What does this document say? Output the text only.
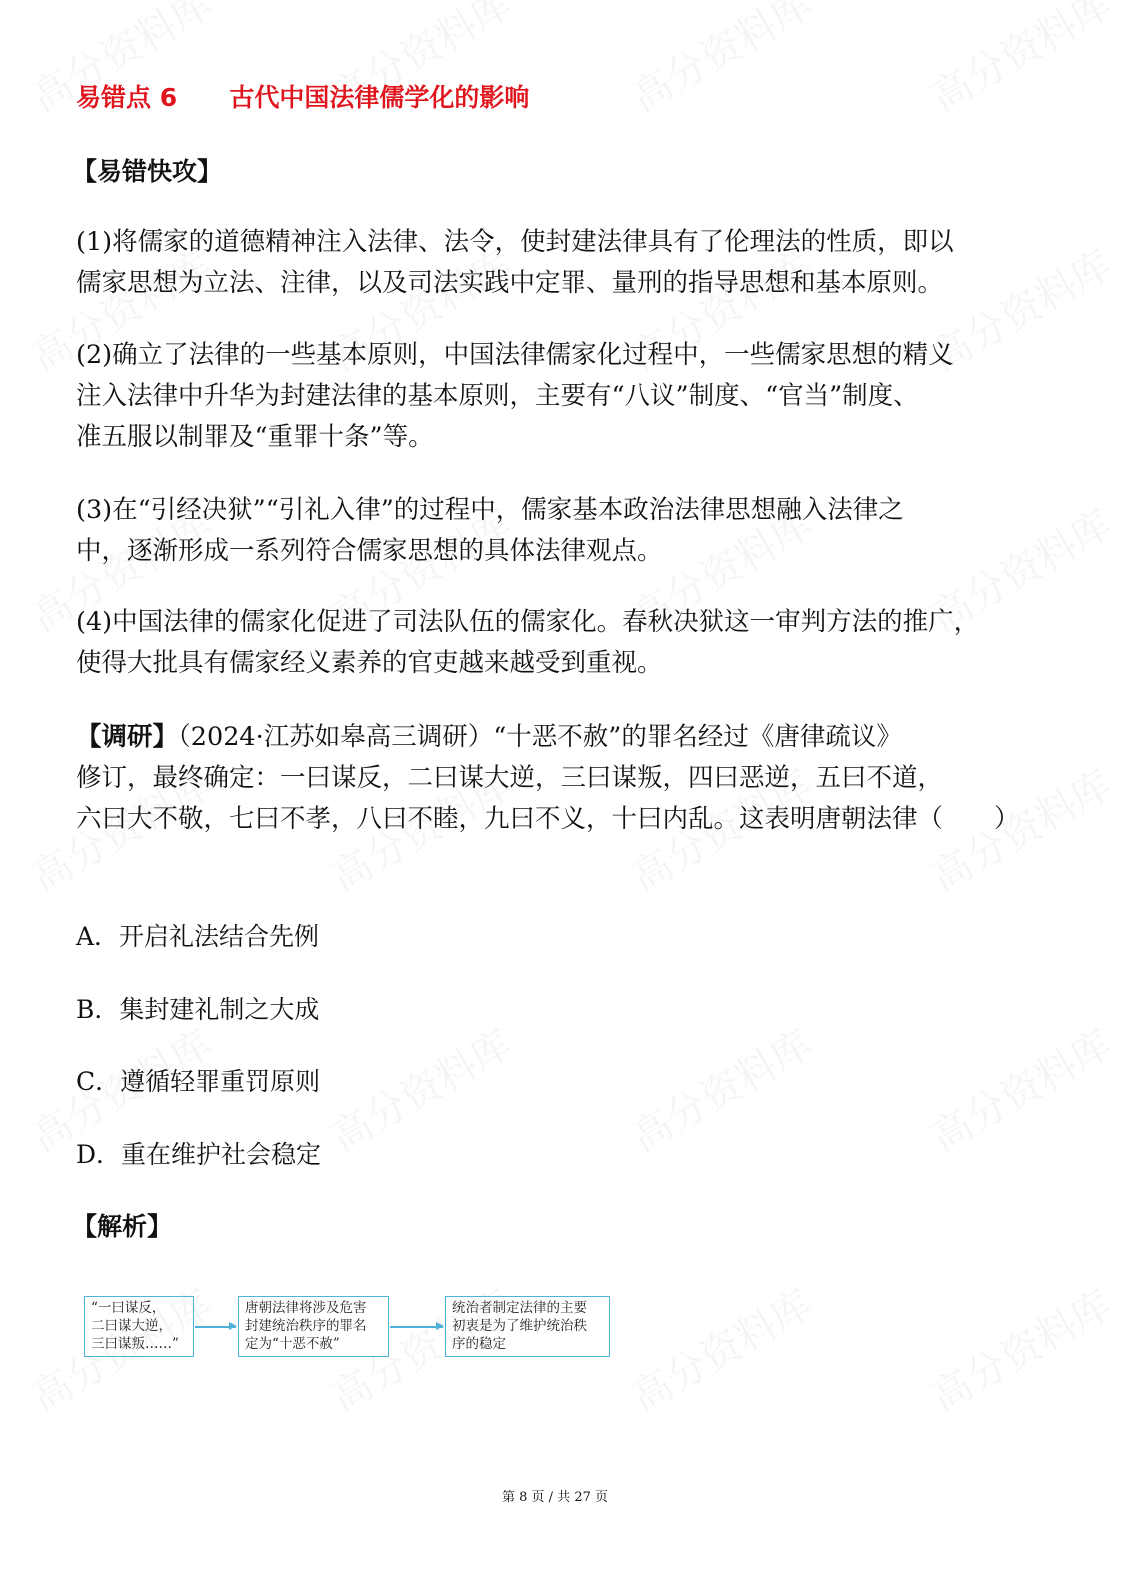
易错点 6 古代中国法律儒学化的影响
【易错快攻】
(1)将儒家的道德精神注入法律、法令，使封建法律具有了伦理法的性质，即以
儒家思想为立法、注律，以及司法实践中定罪、量刑的指导思想和基本原则。
(2)确立了法律的一些基本原则，中国法律儒家化过程中，一些儒家思想的精义
注入法律中升华为封建法律的基本原则，主要有“八议”制度、“官当”制度、
准五服以制罪及“重罪十条”等。
(3)在“引经决狱”“引礼入律”的过程中，儒家基本政治法律思想融入法律之
中，逐渐形成一系列符合儒家思想的具体法律观点。
(4)中国法律的儒家化促进了司法队伍的儒家化。春秋决狱这一审判方法的推广，
使得大批具有儒家经义素养的官吏越来越受到重视。
【调研】（2024·江苏如皋高三调研）“十恶不赦”的罪名经过《唐律疏议》
修订，最终确定：一曰谋反，二曰谋大逆，三曰谋叛，四曰恶逆，五曰不道，
六曰大不敬，七曰不孝，八曰不睦，九曰不义，十曰内乱。这表明唐朝法律（　　）
A．开启礼法结合先例
B．集封建礼制之大成
C．遵循轻罪重罚原则
D．重在维护社会稳定
【解析】
“一曰谋反，
二曰谋大逆，
三曰谋叛……”
唐朝法律将涉及危害
封建统治秩序的罪名
定为“十恶不赦”
统治者制定法律的主要
初衷是为了维护统治秩
序的稳定
第 8 页 / 共 27 页
